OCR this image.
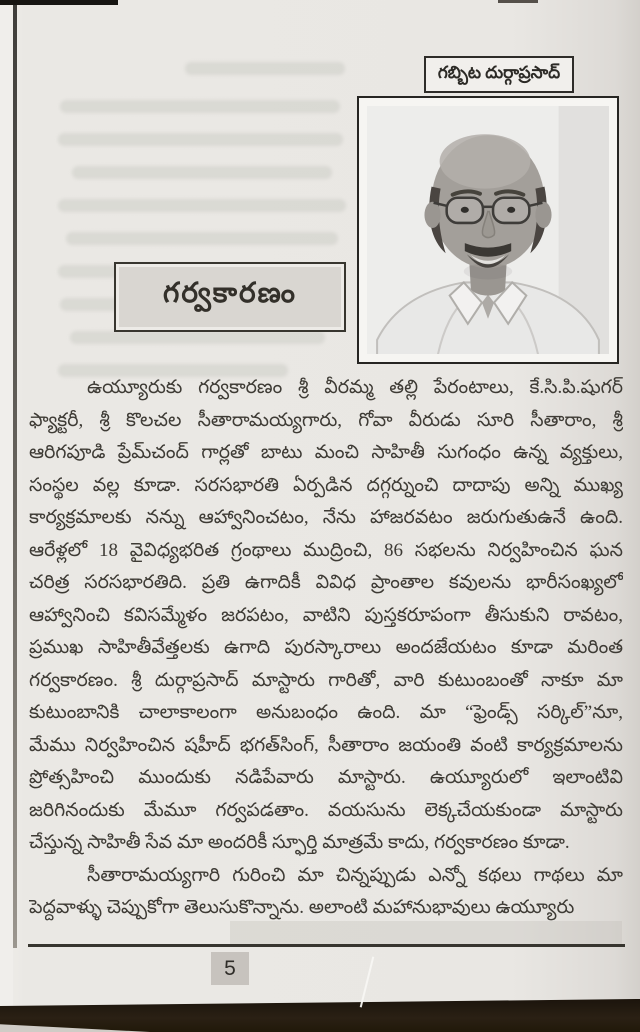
గబ్బిట దుర్గాప్రసాద్
గర్వకారణం
ఉయ్యూరుకు గర్వకారణం శ్రీ వీరమ్మ తల్లి పేరంటాలు, కే.సి.పి.షుగర్
ఫ్యాక్టరీ, శ్రీ కొలచల సీతారామయ్యగారు, గోవా వీరుడు సూరి సీతారాం, శ్రీ
ఆరిగపూడి ప్రేమ్‌చంద్ గార్లతో బాటు మంచి సాహితీ సుగంధం ఉన్న వ్యక్తులు,
సంస్థల వల్ల కూడా. సరసభారతి ఏర్పడిన దగ్గర్నుంచి దాదాపు అన్ని ముఖ్య
కార్యక్రమాలకు నన్ను ఆహ్వానించటం, నేను హాజరవటం జరుగుతుఉనే ఉంది.
ఆరేళ్లలో 18 వైవిధ్యభరిత గ్రంథాలు ముద్రించి, 86 సభలను నిర్వహించిన ఘన
చరిత్ర సరసభారతిది. ప్రతి ఉగాదికీ వివిధ ప్రాంతాల కవులను భారీసంఖ్యలో
ఆహ్వానించి కవిసమ్మేళం జరపటం, వాటిని పుస్తకరూపంగా తీసుకుని రావటం,
ప్రముఖ సాహితీవేత్తలకు ఉగాది పురస్కారాలు అందజేయటం కూడా మరింత
గర్వకారణం. శ్రీ దుర్గాప్రసాద్ మాస్టారు గారితో, వారి కుటుంబంతో నాకూ మా
కుటుంబానికి చాలాకాలంగా అనుబంధం ఉంది. మా “ఫ్రెండ్స్ సర్కిల్”నూ,
మేము నిర్వహించిన షహీద్ భగత్‌సింగ్, సీతారాం జయంతి వంటి కార్యక్రమాలను
ప్రోత్సహించి ముందుకు నడిపేవారు మాస్టారు. ఉయ్యూరులో ఇలాంటివి
జరిగినందుకు మేమూ గర్వపడతాం. వయసును లెక్కచేయకుండా మాస్టారు
చేస్తున్న సాహితీ సేవ మా అందరికీ స్ఫూర్తి మాత్రమే కాదు, గర్వకారణం కూడా.
సీతారామయ్యగారి గురించి మా చిన్నప్పుడు ఎన్నో కథలు గాథలు మా
పెద్దవాళ్ళు చెప్పుకోగా తెలుసుకొన్నాను. అలాంటి మహానుభావులు ఉయ్యూరు
5
